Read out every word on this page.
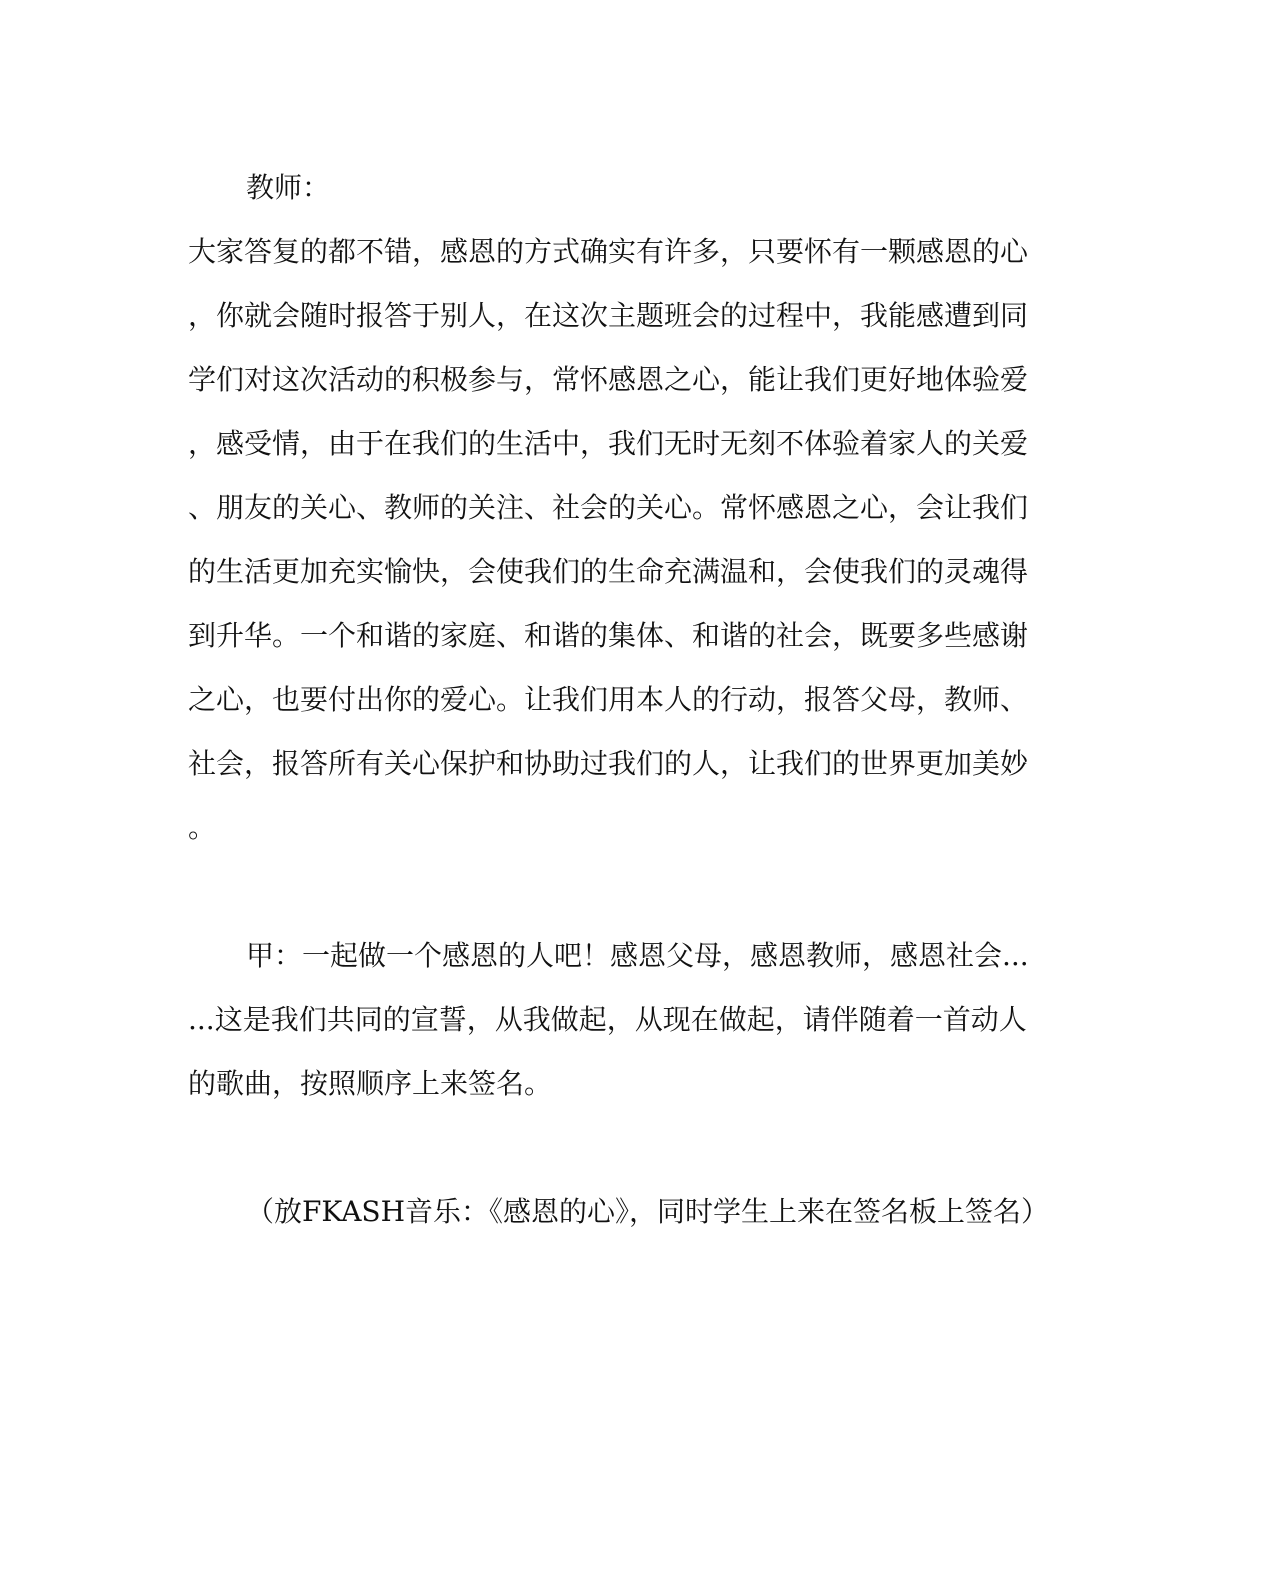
教师：
大家答复的都不错，感恩的方式确实有许多，只要怀有一颗感恩的心
，你就会随时报答于别人，在这次主题班会的过程中，我能感遭到同
学们对这次活动的积极参与，常怀感恩之心，能让我们更好地体验爱
，感受情，由于在我们的生活中，我们无时无刻不体验着家人的关爱
、朋友的关心、教师的关注、社会的关心。常怀感恩之心，会让我们
的生活更加充实愉快，会使我们的生命充满温和，会使我们的灵魂得
到升华。一个和谐的家庭、和谐的集体、和谐的社会，既要多些感谢
之心，也要付出你的爱心。让我们用本人的行动，报答父母，教师、
社会，报答所有关心保护和协助过我们的人，让我们的世界更加美妙
。
甲：一起做一个感恩的人吧！感恩父母，感恩教师，感恩社会...
...这是我们共同的宣誓，从我做起，从现在做起，请伴随着一首动人
的歌曲，按照顺序上来签名。
（放FKASH音乐：《感恩的心》，同时学生上来在签名板上签名）
